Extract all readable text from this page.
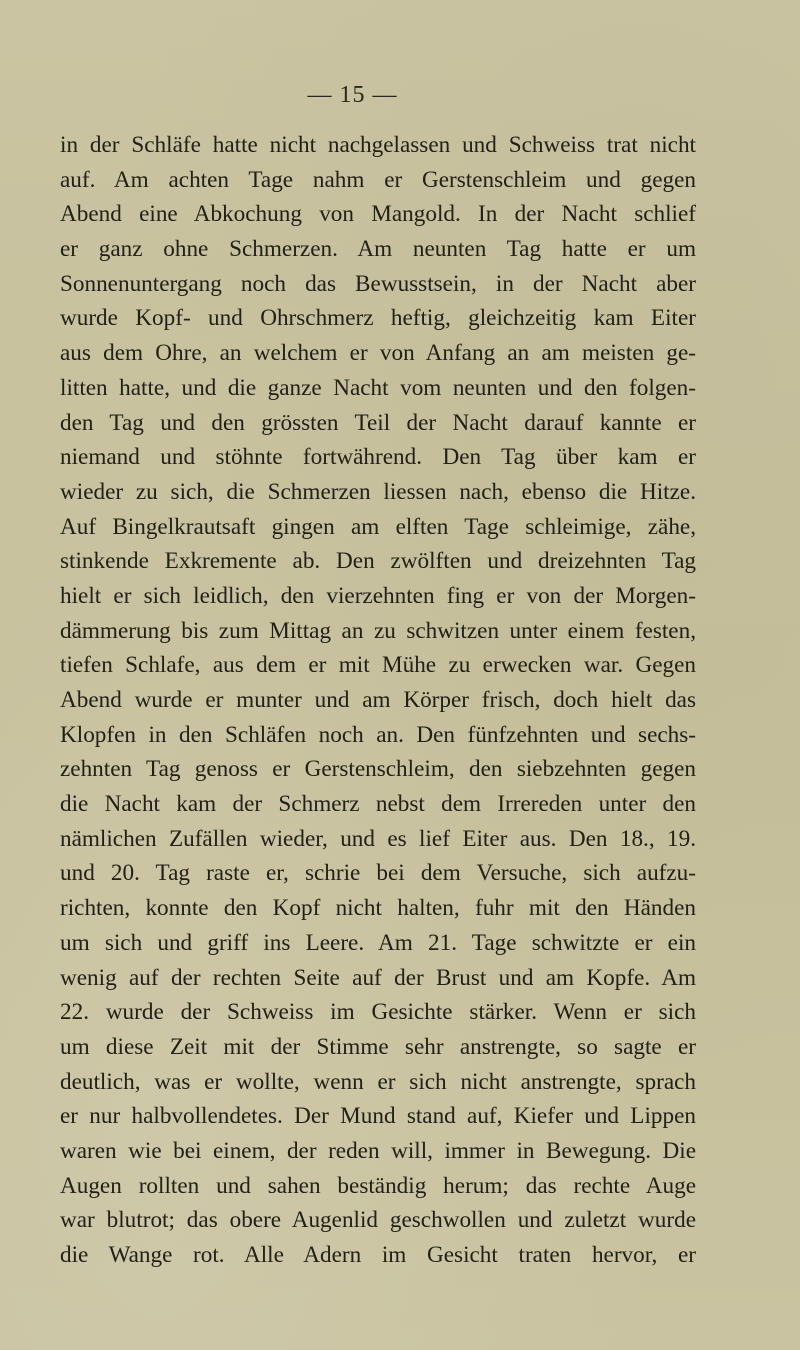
— 15 —
in der Schläfe hatte nicht nachgelassen und Schweiss trat nicht
auf. Am achten Tage nahm er Gerstenschleim und gegen
Abend eine Abkochung von Mangold. In der Nacht schlief
er ganz ohne Schmerzen. Am neunten Tag hatte er um
Sonnenuntergang noch das Bewusstsein, in der Nacht aber
wurde Kopf- und Ohrschmerz heftig, gleichzeitig kam Eiter
aus dem Ohre, an welchem er von Anfang an am meisten ge-
litten hatte, und die ganze Nacht vom neunten und den folgen-
den Tag und den grössten Teil der Nacht darauf kannte er
niemand und stöhnte fortwährend. Den Tag über kam er
wieder zu sich, die Schmerzen liessen nach, ebenso die Hitze.
Auf Bingelkrautsaft gingen am elften Tage schleimige, zähe,
stinkende Exkremente ab. Den zwölften und dreizehnten Tag
hielt er sich leidlich, den vierzehnten fing er von der Morgen-
dämmerung bis zum Mittag an zu schwitzen unter einem festen,
tiefen Schlafe, aus dem er mit Mühe zu erwecken war. Gegen
Abend wurde er munter und am Körper frisch, doch hielt das
Klopfen in den Schläfen noch an. Den fünfzehnten und sechs-
zehnten Tag genoss er Gerstenschleim, den siebzehnten gegen
die Nacht kam der Schmerz nebst dem Irrereden unter den
nämlichen Zufällen wieder, und es lief Eiter aus. Den 18., 19.
und 20. Tag raste er, schrie bei dem Versuche, sich aufzu-
richten, konnte den Kopf nicht halten, fuhr mit den Händen
um sich und griff ins Leere. Am 21. Tage schwitzte er ein
wenig auf der rechten Seite auf der Brust und am Kopfe. Am
22. wurde der Schweiss im Gesichte stärker. Wenn er sich
um diese Zeit mit der Stimme sehr anstrengte, so sagte er
deutlich, was er wollte, wenn er sich nicht anstrengte, sprach
er nur halbvollendetes. Der Mund stand auf, Kiefer und Lippen
waren wie bei einem, der reden will, immer in Bewegung. Die
Augen rollten und sahen beständig herum; das rechte Auge
war blutrot; das obere Augenlid geschwollen und zuletzt wurde
die Wange rot. Alle Adern im Gesicht traten hervor, er
